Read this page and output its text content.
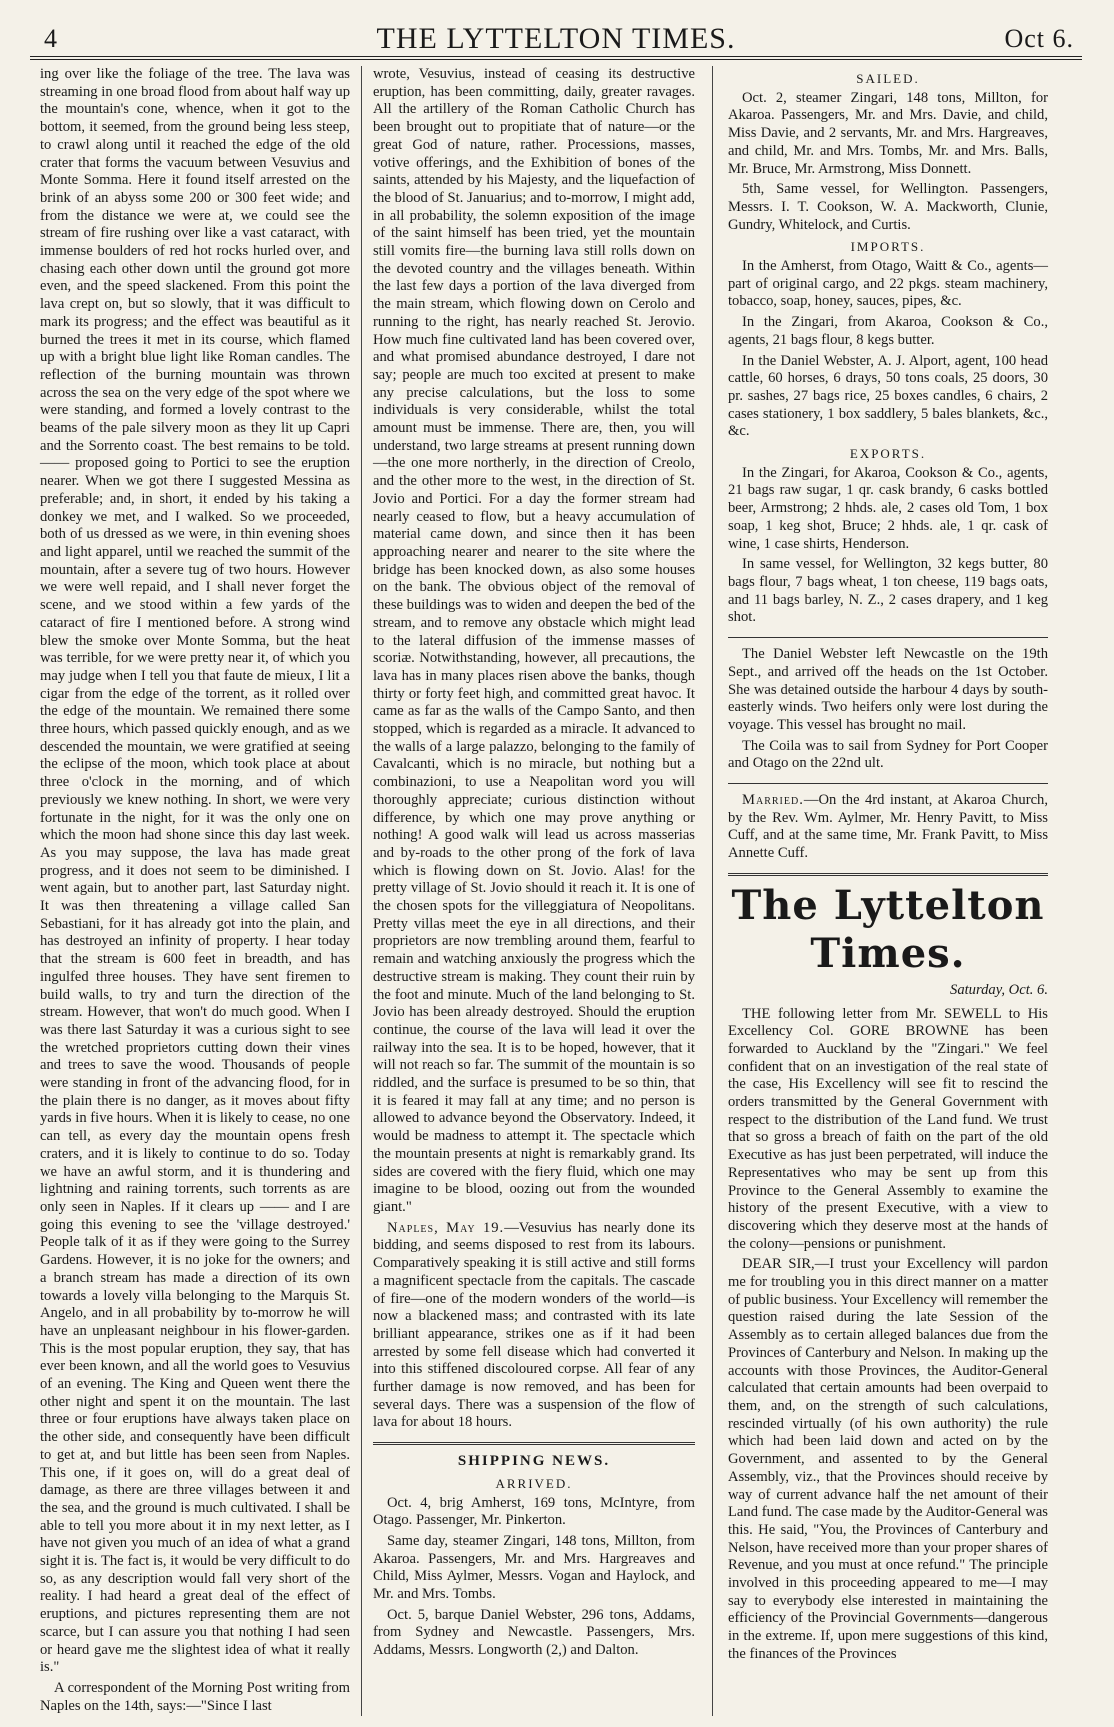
4	THE LYTTELTON TIMES.	Oct 6.

ing over like the foliage of the tree. The lava was streaming in one broad flood from about half way up the mountain's cone, whence, when it got to the bottom, it seemed, from the ground being less steep, to crawl along until it reached the edge of the old crater that forms the vacuum between Vesuvius and Monte Somma. Here it found itself arrested on the brink of an abyss some 200 or 300 feet wide; and from the distance we were at, we could see the stream of fire rushing over like a vast cataract, with immense boulders of red hot rocks hurled over, and chasing each other down until the ground got more even, and the speed slackened. From this point the lava crept on, but so slowly, that it was difficult to mark its progress; and the effect was beautiful as it burned the trees it met in its course, which flamed up with a bright blue light like Roman candles. The reflection of the burning mountain was thrown across the sea on the very edge of the spot where we were standing, and formed a lovely contrast to the beams of the pale silvery moon as they lit up Capri and the Sorrento coast. The best remains to be told. —— proposed going to Portici to see the eruption nearer. When we got there I suggested Messina as preferable; and, in short, it ended by his taking a donkey we met, and I walked. So we proceeded, both of us dressed as we were, in thin evening shoes and light apparel, until we reached the summit of the mountain, after a severe tug of two hours. However we were well repaid, and I shall never forget the scene, and we stood within a few yards of the cataract of fire I mentioned before. A strong wind blew the smoke over Monte Somma, but the heat was terrible, for we were pretty near it, of which you may judge when I tell you that faute de mieux, I lit a cigar from the edge of the torrent, as it rolled over the edge of the mountain. We remained there some three hours, which passed quickly enough, and as we descended the mountain, we were gratified at seeing the eclipse of the moon, which took place at about three o'clock in the morning, and of which previously we knew nothing. In short, we were very fortunate in the night, for it was the only one on which the moon had shone since this day last week. As you may suppose, the lava has made great progress, and it does not seem to be diminished. I went again, but to another part, last Saturday night. It was then threatening a village called San Sebastiani, for it has already got into the plain, and has destroyed an infinity of property. I hear today that the stream is 600 feet in breadth, and has ingulfed three houses. They have sent firemen to build walls, to try and turn the direction of the stream. However, that won't do much good. When I was there last Saturday it was a curious sight to see the wretched proprietors cutting down their vines and trees to save the wood. Thousands of people were standing in front of the advancing flood, for in the plain there is no danger, as it moves about fifty yards in five hours. When it is likely to cease, no one can tell, as every day the mountain opens fresh craters, and it is likely to continue to do so. Today we have an awful storm, and it is thundering and lightning and raining torrents, such torrents as are only seen in Naples. If it clears up —— and I are going this evening to see the 'village destroyed.' People talk of it as if they were going to the Surrey Gardens. However, it is no joke for the owners; and a branch stream has made a direction of its own towards a lovely villa belonging to the Marquis St. Angelo, and in all probability by to-morrow he will have an unpleasant neighbour in his flower-garden. This is the most popular eruption, they say, that has ever been known, and all the world goes to Vesuvius of an evening. The King and Queen went there the other night and spent it on the mountain. The last three or four eruptions have always taken place on the other side, and consequently have been difficult to get at, and but little has been seen from Naples. This one, if it goes on, will do a great deal of damage, as there are three villages between it and the sea, and the ground is much cultivated. I shall be able to tell you more about it in my next letter, as I have not given you much of an idea of what a grand sight it is. The fact is, it would be very difficult to do so, as any description would fall very short of the reality. I had heard a great deal of the effect of eruptions, and pictures representing them are not scarce, but I can assure you that nothing I had seen or heard gave me the slightest idea of what it really is."

A correspondent of the Morning Post writing from Naples on the 14th, says:—"Since I last

wrote, Vesuvius, instead of ceasing its destructive eruption, has been committing, daily, greater ravages. All the artillery of the Roman Catholic Church has been brought out to propitiate that of nature—or the great God of nature, rather. Processions, masses, votive offerings, and the Exhibition of bones of the saints, attended by his Majesty, and the liquefaction of the blood of St. Januarius; and to-morrow, I might add, in all probability, the solemn exposition of the image of the saint himself has been tried, yet the mountain still vomits fire—the burning lava still rolls down on the devoted country and the villages beneath. Within the last few days a portion of the lava diverged from the main stream, which flowing down on Cerolo and running to the right, has nearly reached St. Jerovio. How much fine cultivated land has been covered over, and what promised abundance destroyed, I dare not say; people are much too excited at present to make any precise calculations, but the loss to some individuals is very considerable, whilst the total amount must be immense. There are, then, you will understand, two large streams at present running down—the one more northerly, in the direction of Creolo, and the other more to the west, in the direction of St. Jovio and Portici. For a day the former stream had nearly ceased to flow, but a heavy accumulation of material came down, and since then it has been approaching nearer and nearer to the site where the bridge has been knocked down, as also some houses on the bank. The obvious object of the removal of these buildings was to widen and deepen the bed of the stream, and to remove any obstacle which might lead to the lateral diffusion of the immense masses of scoriæ. Notwithstanding, however, all precautions, the lava has in many places risen above the banks, though thirty or forty feet high, and committed great havoc. It came as far as the walls of the Campo Santo, and then stopped, which is regarded as a miracle. It advanced to the walls of a large palazzo, belonging to the family of Cavalcanti, which is no miracle, but nothing but a combinazioni, to use a Neapolitan word you will thoroughly appreciate; curious distinction without difference, by which one may prove anything or nothing! A good walk will lead us across masserias and by-roads to the other prong of the fork of lava which is flowing down on St. Jovio. Alas! for the pretty village of St. Jovio should it reach it. It is one of the chosen spots for the villeggiatura of Neopolitans. Pretty villas meet the eye in all directions, and their proprietors are now trembling around them, fearful to remain and watching anxiously the progress which the destructive stream is making. They count their ruin by the foot and minute. Much of the land belonging to St. Jovio has been already destroyed. Should the eruption continue, the course of the lava will lead it over the railway into the sea. It is to be hoped, however, that it will not reach so far. The summit of the mountain is so riddled, and the surface is presumed to be so thin, that it is feared it may fall at any time; and no person is allowed to advance beyond the Observatory. Indeed, it would be madness to attempt it. The spectacle which the mountain presents at night is remarkably grand. Its sides are covered with the fiery fluid, which one may imagine to be blood, oozing out from the wounded giant."

Naples, May 19.—Vesuvius has nearly done its bidding, and seems disposed to rest from its labours. Comparatively speaking it is still active and still forms a magnificent spectacle from the capitals. The cascade of fire—one of the modern wonders of the world—is now a blackened mass; and contrasted with its late brilliant appearance, strikes one as if it had been arrested by some fell disease which had converted it into this stiffened discoloured corpse. All fear of any further damage is now removed, and has been for several days. There was a suspension of the flow of lava for about 18 hours.

SHIPPING NEWS.

ARRIVED.

Oct. 4, brig Amherst, 169 tons, McIntyre, from Otago. Passenger, Mr. Pinkerton.

Same day, steamer Zingari, 148 tons, Millton, from Akaroa. Passengers, Mr. and Mrs. Hargreaves and Child, Miss Aylmer, Messrs. Vogan and Haylock, and Mr. and Mrs. Tombs.

Oct. 5, barque Daniel Webster, 296 tons, Addams, from Sydney and Newcastle. Passengers, Mrs. Addams, Messrs. Longworth (2,) and Dalton.

SAILED.

Oct. 2, steamer Zingari, 148 tons, Millton, for Akaroa. Passengers, Mr. and Mrs. Davie, and child, Miss Davie, and 2 servants, Mr. and Mrs. Hargreaves, and child, Mr. and Mrs. Tombs, Mr. and Mrs. Balls, Mr. Bruce, Mr. Armstrong, Miss Donnett.

5th, Same vessel, for Wellington. Passengers, Messrs. I. T. Cookson, W. A. Mackworth, Clunie, Gundry, Whitelock, and Curtis.

IMPORTS.

In the Amherst, from Otago, Waitt & Co., agents—part of original cargo, and 22 pkgs. steam machinery, tobacco, soap, honey, sauces, pipes, &c.

In the Zingari, from Akaroa, Cookson & Co., agents, 21 bags flour, 8 kegs butter.

In the Daniel Webster, A. J. Alport, agent, 100 head cattle, 60 horses, 6 drays, 50 tons coals, 25 doors, 30 pr. sashes, 27 bags rice, 25 boxes candles, 6 chairs, 2 cases stationery, 1 box saddlery, 5 bales blankets, &c., &c.

EXPORTS.

In the Zingari, for Akaroa, Cookson & Co., agents, 21 bags raw sugar, 1 qr. cask brandy, 6 casks bottled beer, Armstrong; 2 hhds. ale, 2 cases old Tom, 1 box soap, 1 keg shot, Bruce; 2 hhds. ale, 1 qr. cask of wine, 1 case shirts, Henderson.

In same vessel, for Wellington, 32 kegs butter, 80 bags flour, 7 bags wheat, 1 ton cheese, 119 bags oats, and 11 bags barley, N. Z., 2 cases drapery, and 1 keg shot.

The Daniel Webster left Newcastle on the 19th Sept., and arrived off the heads on the 1st October. She was detained outside the harbour 4 days by south-easterly winds. Two heifers only were lost during the voyage. This vessel has brought no mail.

The Coila was to sail from Sydney for Port Cooper and Otago on the 22nd ult.

Married.—On the 4rd instant, at Akaroa Church, by the Rev. Wm. Aylmer, Mr. Henry Pavitt, to Miss Cuff, and at the same time, Mr. Frank Pavitt, to Miss Annette Cuff.

The Lyttelton Times.

Saturday, Oct. 6.

THE following letter from Mr. SEWELL to His Excellency Col. GORE BROWNE has been forwarded to Auckland by the "Zingari." We feel confident that on an investigation of the real state of the case, His Excellency will see fit to rescind the orders transmitted by the General Government with respect to the distribution of the Land fund. We trust that so gross a breach of faith on the part of the old Executive as has just been perpetrated, will induce the Representatives who may be sent up from this Province to the General Assembly to examine the history of the present Executive, with a view to discovering which they deserve most at the hands of the colony—pensions or punishment.

DEAR SIR,—I trust your Excellency will pardon me for troubling you in this direct manner on a matter of public business. Your Excellency will remember the question raised during the late Session of the Assembly as to certain alleged balances due from the Provinces of Canterbury and Nelson. In making up the accounts with those Provinces, the Auditor-General calculated that certain amounts had been overpaid to them, and, on the strength of such calculations, rescinded virtually (of his own authority) the rule which had been laid down and acted on by the Government, and assented to by the General Assembly, viz., that the Provinces should receive by way of current advance half the net amount of their Land fund. The case made by the Auditor-General was this. He said, "You, the Provinces of Canterbury and Nelson, have received more than your proper shares of Revenue, and you must at once refund." The principle involved in this proceeding appeared to me—I may say to everybody else interested in maintaining the efficiency of the Provincial Governments—dangerous in the extreme. If, upon mere suggestions of this kind, the finances of the Provinces
